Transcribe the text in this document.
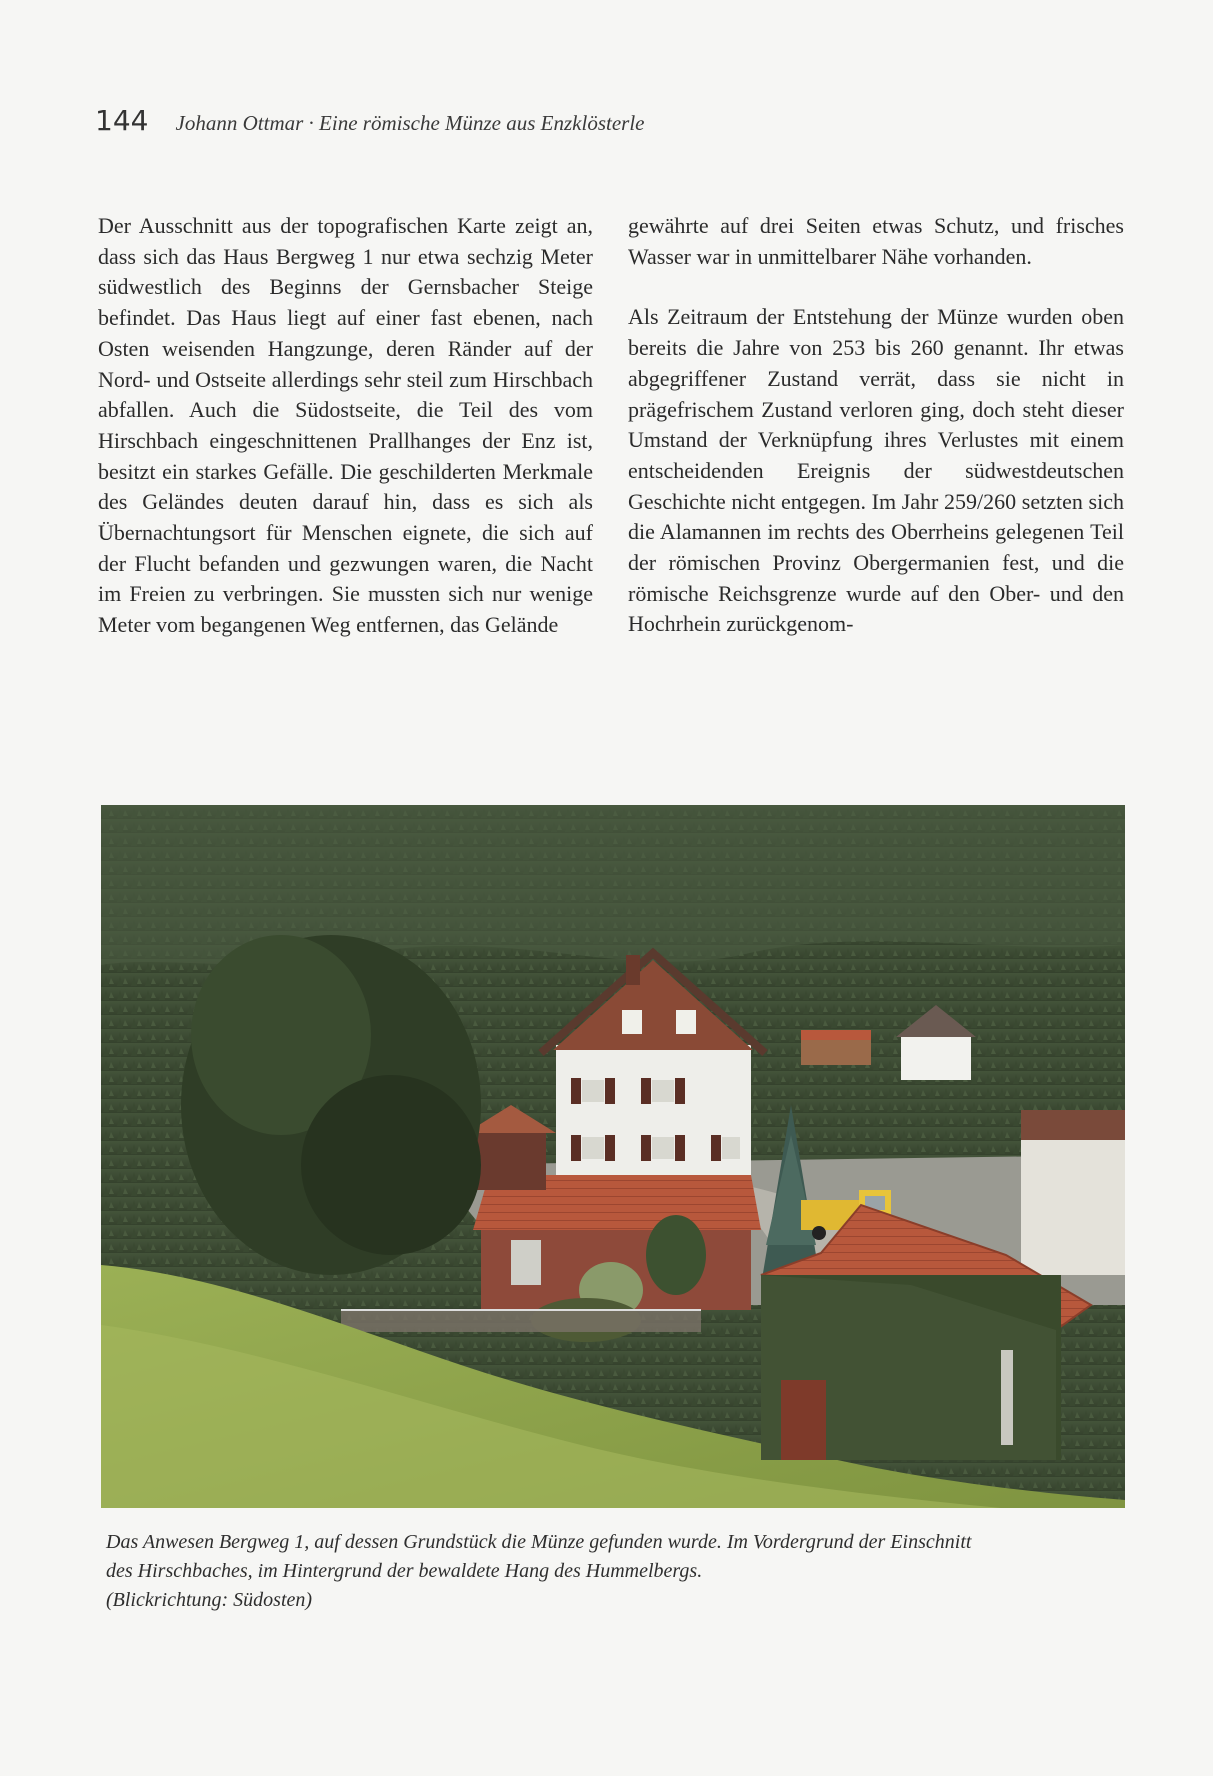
144 Johann Ottmar · Eine römische Münze aus Enzklösterle

Der Ausschnitt aus der topografischen Karte zeigt an, dass sich das Haus Bergweg 1 nur etwa sechzig Meter südwestlich des Beginns der Gernsbacher Steige befindet. Das Haus liegt auf einer fast ebenen, nach Osten weisenden Hangzunge, deren Ränder auf der Nord- und Ostseite allerdings sehr steil zum Hirschbach abfallen. Auch die Südostseite, die Teil des vom Hirschbach eingeschnittenen Prallhanges der Enz ist, besitzt ein starkes Gefälle. Die geschilderten Merkmale des Geländes deuten darauf hin, dass es sich als Übernachtungsort für Menschen eignete, die sich auf der Flucht befanden und gezwungen waren, die Nacht im Freien zu verbringen. Sie mussten sich nur wenige Meter vom begangenen Weg entfernen, das Gelände

gewährte auf drei Seiten etwas Schutz, und frisches Wasser war in unmittelbarer Nähe vorhanden.

Als Zeitraum der Entstehung der Münze wurden oben bereits die Jahre von 253 bis 260 genannt. Ihr etwas abgegriffener Zustand verrät, dass sie nicht in prägefrischem Zustand verloren ging, doch steht dieser Umstand der Verknüpfung ihres Verlustes mit einem entscheidenden Ereignis der südwestdeutschen Geschichte nicht entgegen. Im Jahr 259/260 setzten sich die Alamannen im rechts des Oberrheins gelegenen Teil der römischen Provinz Obergermanien fest, und die römische Reichsgrenze wurde auf den Ober- und den Hochrhein zurückgenom-

Das Anwesen Bergweg 1, auf dessen Grundstück die Münze gefunden wurde. Im Vordergrund der Einschnitt
des Hirschbaches, im Hintergrund der bewaldete Hang des Hummelbergs.
(Blickrichtung: Südosten)
